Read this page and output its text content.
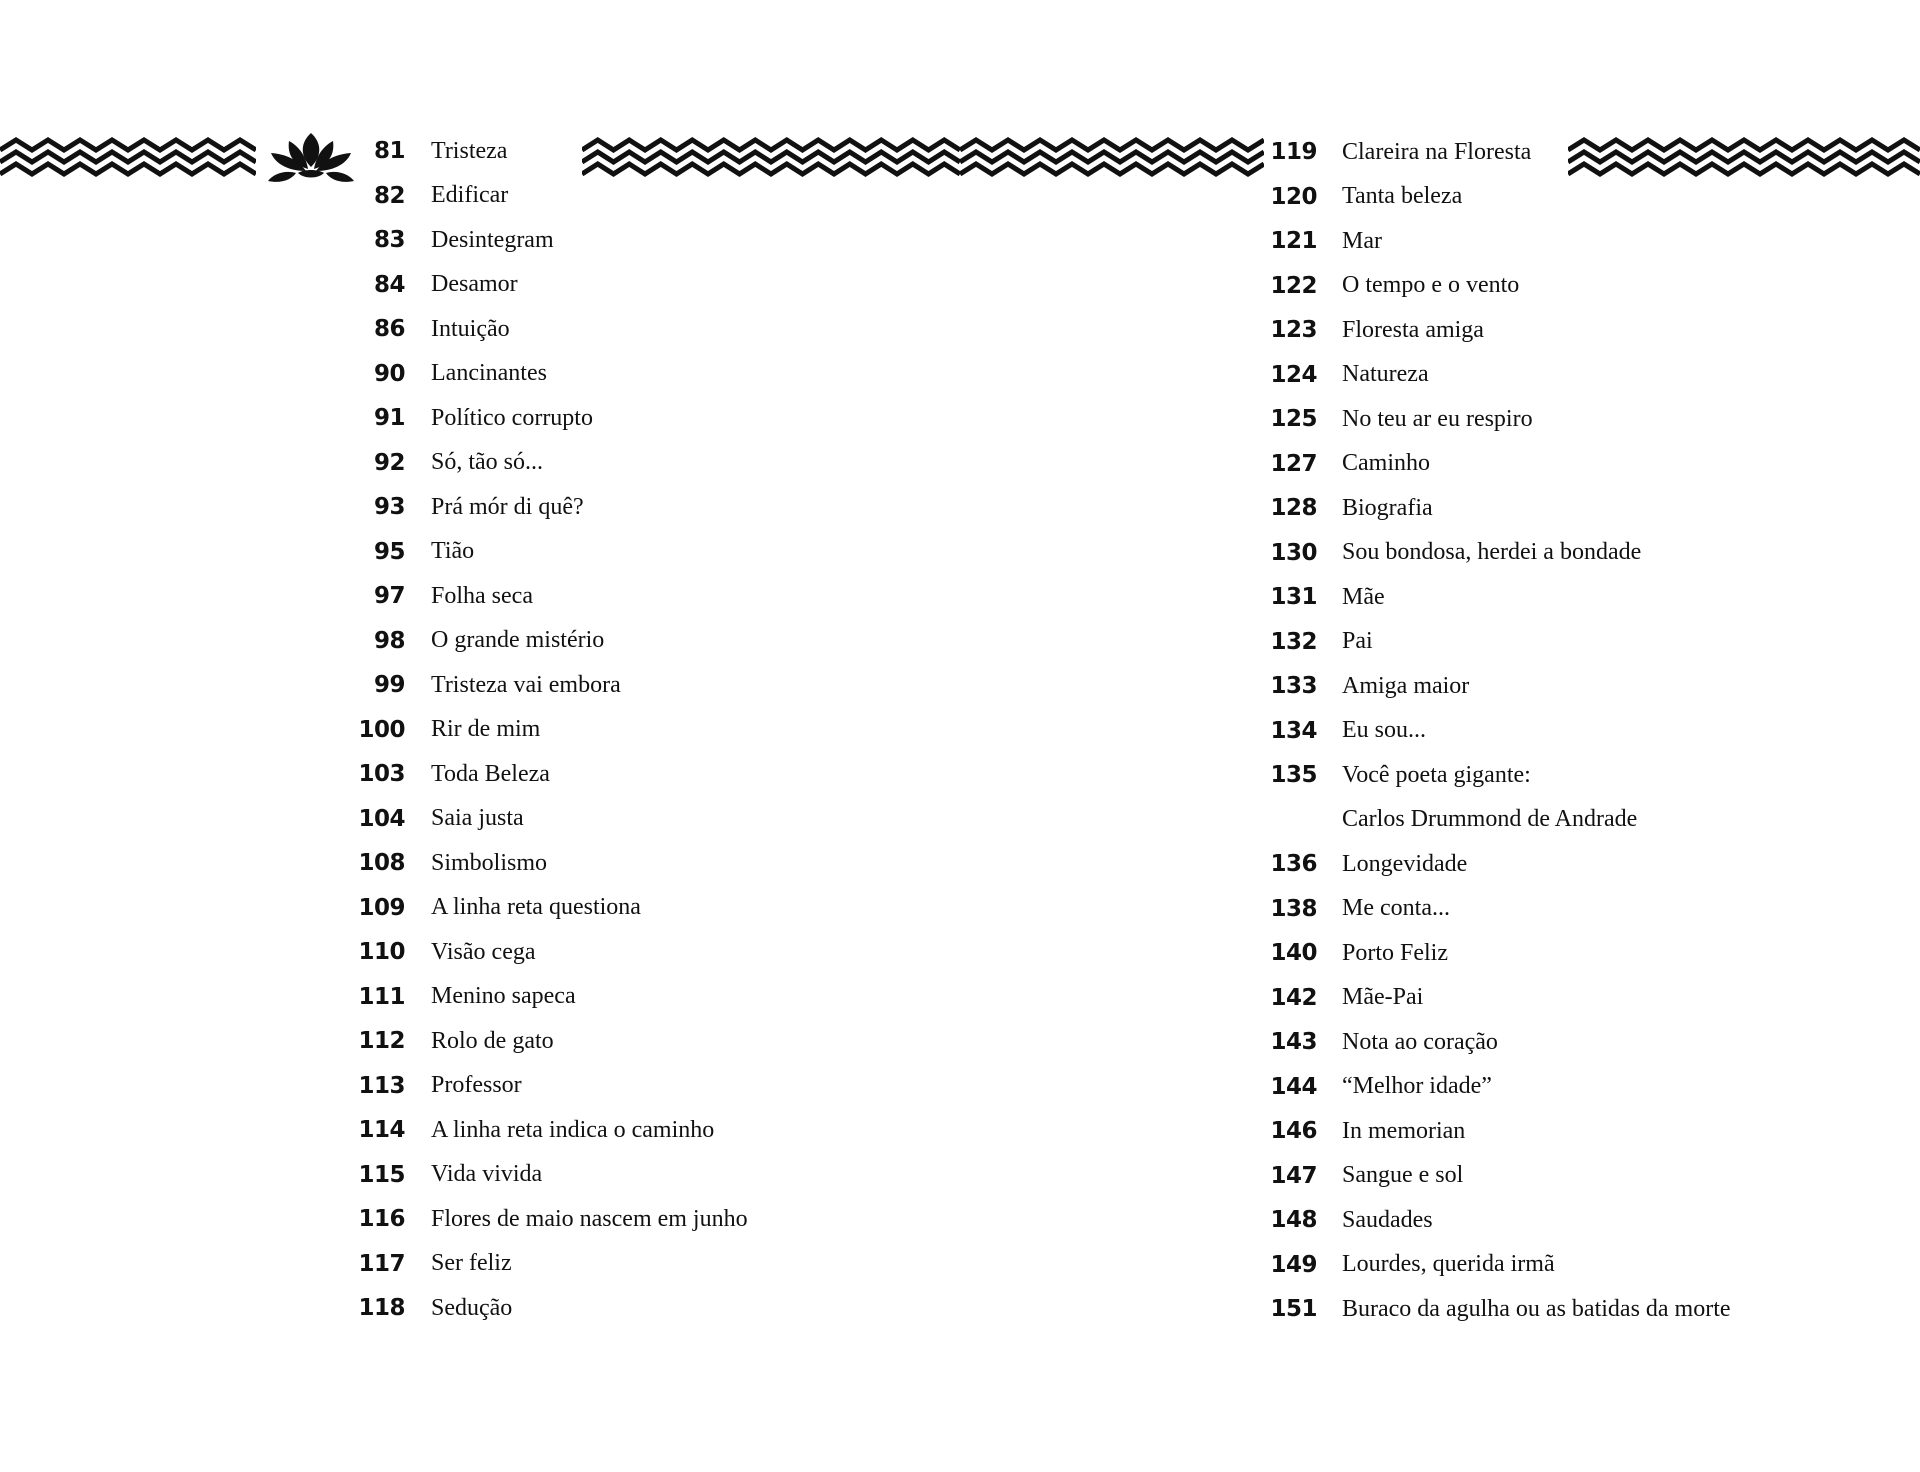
81 Tristeza
82 Edificar
83 Desintegram
84 Desamor
86 Intuição
90 Lancinantes
91 Político corrupto
92 Só, tão só...
93 Prá mór di quê?
95 Tião
97 Folha seca
98 O grande mistério
99 Tristeza vai embora
100 Rir de mim
103 Toda Beleza
104 Saia justa
108 Simbolismo
109 A linha reta questiona
110 Visão cega
111 Menino sapeca
112 Rolo de gato
113 Professor
114 A linha reta indica o caminho
115 Vida vivida
116 Flores de maio nascem em junho
117 Ser feliz
118 Sedução
119 Clareira na Floresta
120 Tanta beleza
121 Mar
122 O tempo e o vento
123 Floresta amiga
124 Natureza
125 No teu ar eu respiro
127 Caminho
128 Biografia
130 Sou bondosa, herdei a bondade
131 Mãe
132 Pai
133 Amiga maior
134 Eu sou...
135 Você poeta gigante:
Carlos Drummond de Andrade
136 Longevidade
138 Me conta...
140 Porto Feliz
142 Mãe-Pai
143 Nota ao coração
144 “Melhor idade”
146 In memorian
147 Sangue e sol
148 Saudades
149 Lourdes, querida irmã
151 Buraco da agulha ou as batidas da morte
